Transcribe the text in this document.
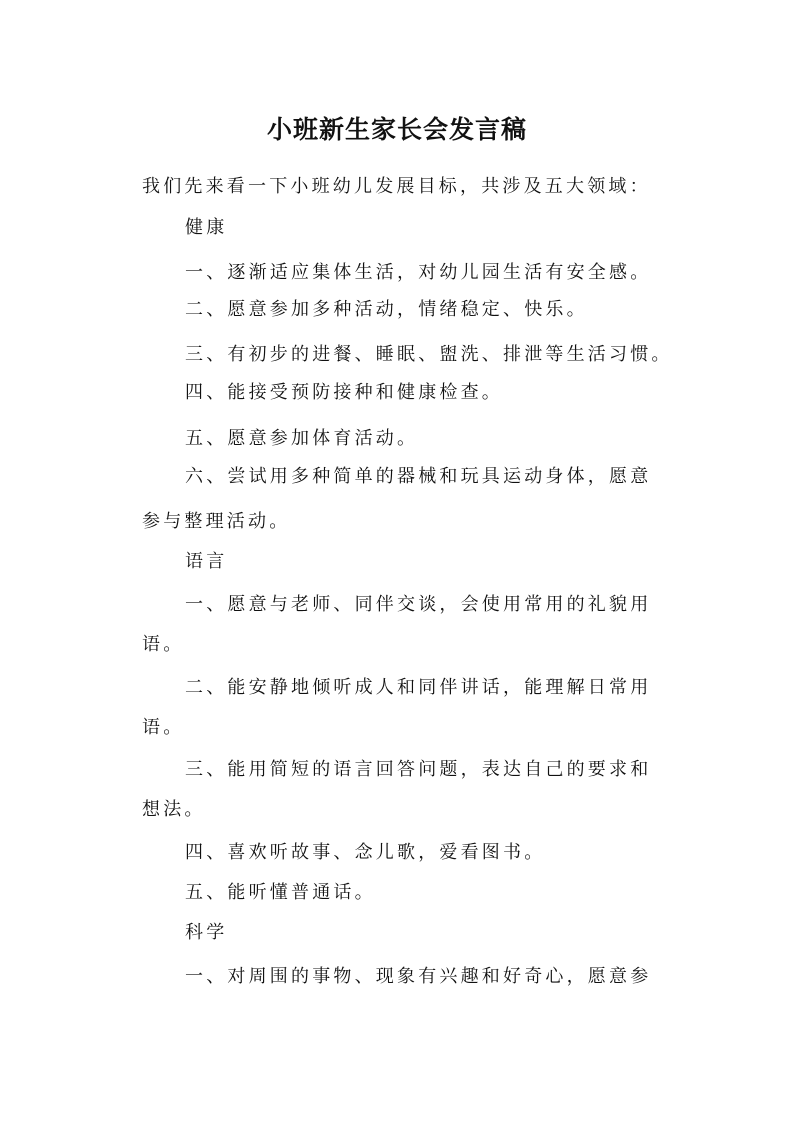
小班新生家长会发言稿
我们先来看一下小班幼儿发展目标，共涉及五大领域：
健康
一、逐渐适应集体生活，对幼儿园生活有安全感。
二、愿意参加多种活动，情绪稳定、快乐。
三、有初步的进餐、睡眠、盥洗、排泄等生活习惯。
四、能接受预防接种和健康检查。
五、愿意参加体育活动。
六、尝试用多种简单的器械和玩具运动身体，愿意
参与整理活动。
语言
一、愿意与老师、同伴交谈，会使用常用的礼貌用
语。
二、能安静地倾听成人和同伴讲话，能理解日常用
语。
三、能用简短的语言回答问题，表达自己的要求和
想法。
四、喜欢听故事、念儿歌，爱看图书。
五、能听懂普通话。
科学
一、对周围的事物、现象有兴趣和好奇心，愿意参
